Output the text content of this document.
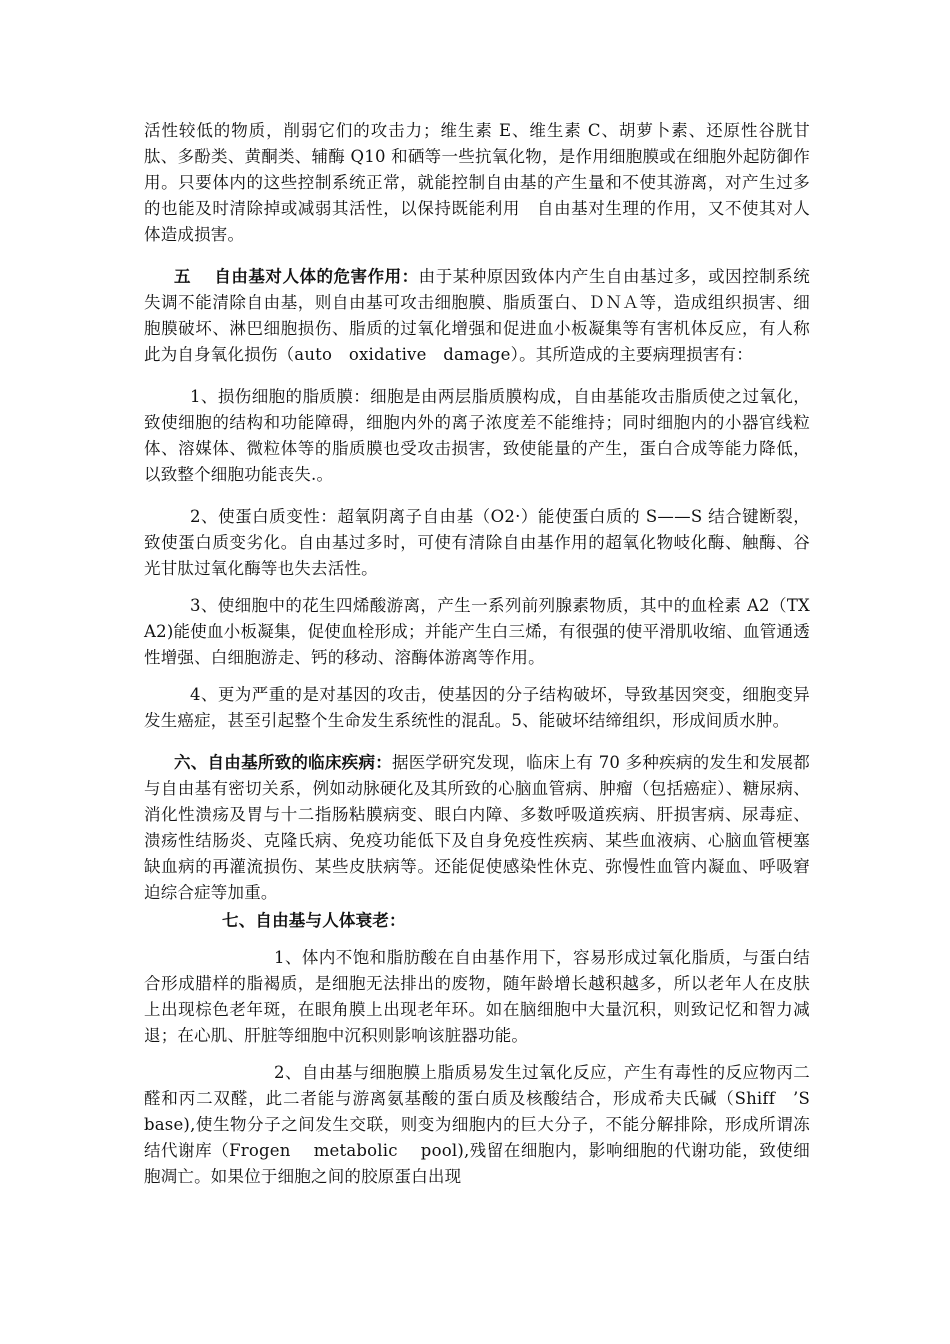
活性较低的物质，削弱它们的攻击力；维生素 E、维生素 C、胡萝卜素、还原性谷胱甘肽、多酚类、黄酮类、辅酶 Q10 和硒等一些抗氧化物，是作用细胞膜或在细胞外起防御作用。只要体内的这些控制系统正常，就能控制自由基的产生量和不使其游离，对产生过多的也能及时清除掉或减弱其活性，以保持既能利用　自由基对生理的作用，又不使其对人体造成损害。

五　 自由基对人体的危害作用：由于某种原因致体内产生自由基过多，或因控制系统失调不能清除自由基，则自由基可攻击细胞膜、脂质蛋白、ＤＮＡ等，造成组织损害、细胞膜破坏、淋巴细胞损伤、脂质的过氧化增强和促进血小板凝集等有害机体反应，有人称此为自身氧化损伤（auto　oxidative　damage）。其所造成的主要病理损害有：

1、损伤细胞的脂质膜：细胞是由两层脂质膜构成，自由基能攻击脂质使之过氧化，致使细胞的结构和功能障碍，细胞内外的离子浓度差不能维持；同时细胞内的小器官线粒体、溶媒体、微粒体等的脂质膜也受攻击损害，致使能量的产生，蛋白合成等能力降低，以致整个细胞功能丧失.。

2、使蛋白质变性：超氧阴离子自由基（O2·）能使蛋白质的 S——S 结合键断裂，致使蛋白质变劣化。自由基过多时，可使有清除自由基作用的超氧化物岐化酶、触酶、谷光甘肽过氧化酶等也失去活性。

3、使细胞中的花生四烯酸游离，产生一系列前列腺素物质，其中的血栓素 A2（TXA2)能使血小板凝集，促使血栓形成；并能产生白三烯，有很强的使平滑肌收缩、血管通透性增强、白细胞游走、钙的移动、溶酶体游离等作用。

4、更为严重的是对基因的攻击，使基因的分子结构破坏，导致基因突变，细胞变异发生癌症，甚至引起整个生命发生系统性的混乱。5、能破坏结缔组织，形成间质水肿。

六、自由基所致的临床疾病：据医学研究发现，临床上有 70 多种疾病的发生和发展都与自由基有密切关系，例如动脉硬化及其所致的心脑血管病、肿瘤（包括癌症）、糖尿病、消化性溃疡及胃与十二指肠粘膜病变、眼白内障、多数呼吸道疾病、肝损害病、尿毒症、溃疡性结肠炎、克隆氏病、免疫功能低下及自身免疫性疾病、某些血液病、心脑血管梗塞缺血病的再灌流损伤、某些皮肤病等。还能促使感染性休克、弥慢性血管内凝血、呼吸窘迫综合症等加重。

七、自由基与人体衰老：

1、体内不饱和脂肪酸在自由基作用下，容易形成过氧化脂质，与蛋白结合形成腊样的脂褐质，是细胞无法排出的废物，随年龄增长越积越多，所以老年人在皮肤上出现棕色老年斑，在眼角膜上出现老年环。如在脑细胞中大量沉积，则致记忆和智力减退；在心肌、肝脏等细胞中沉积则影响该脏器功能。

2、自由基与细胞膜上脂质易发生过氧化反应，产生有毒性的反应物丙二醛和丙二双醛，此二者能与游离氨基酸的蛋白质及核酸结合，形成希夫氏碱（Shiff　’S　base),使生物分子之间发生交联，则变为细胞内的巨大分子，不能分解排除，形成所谓冻结代谢库（Frogen　 metabolic　 pool),残留在细胞内，影响细胞的代谢功能，致使细胞凋亡。如果位于细胞之间的胶原蛋白出现
